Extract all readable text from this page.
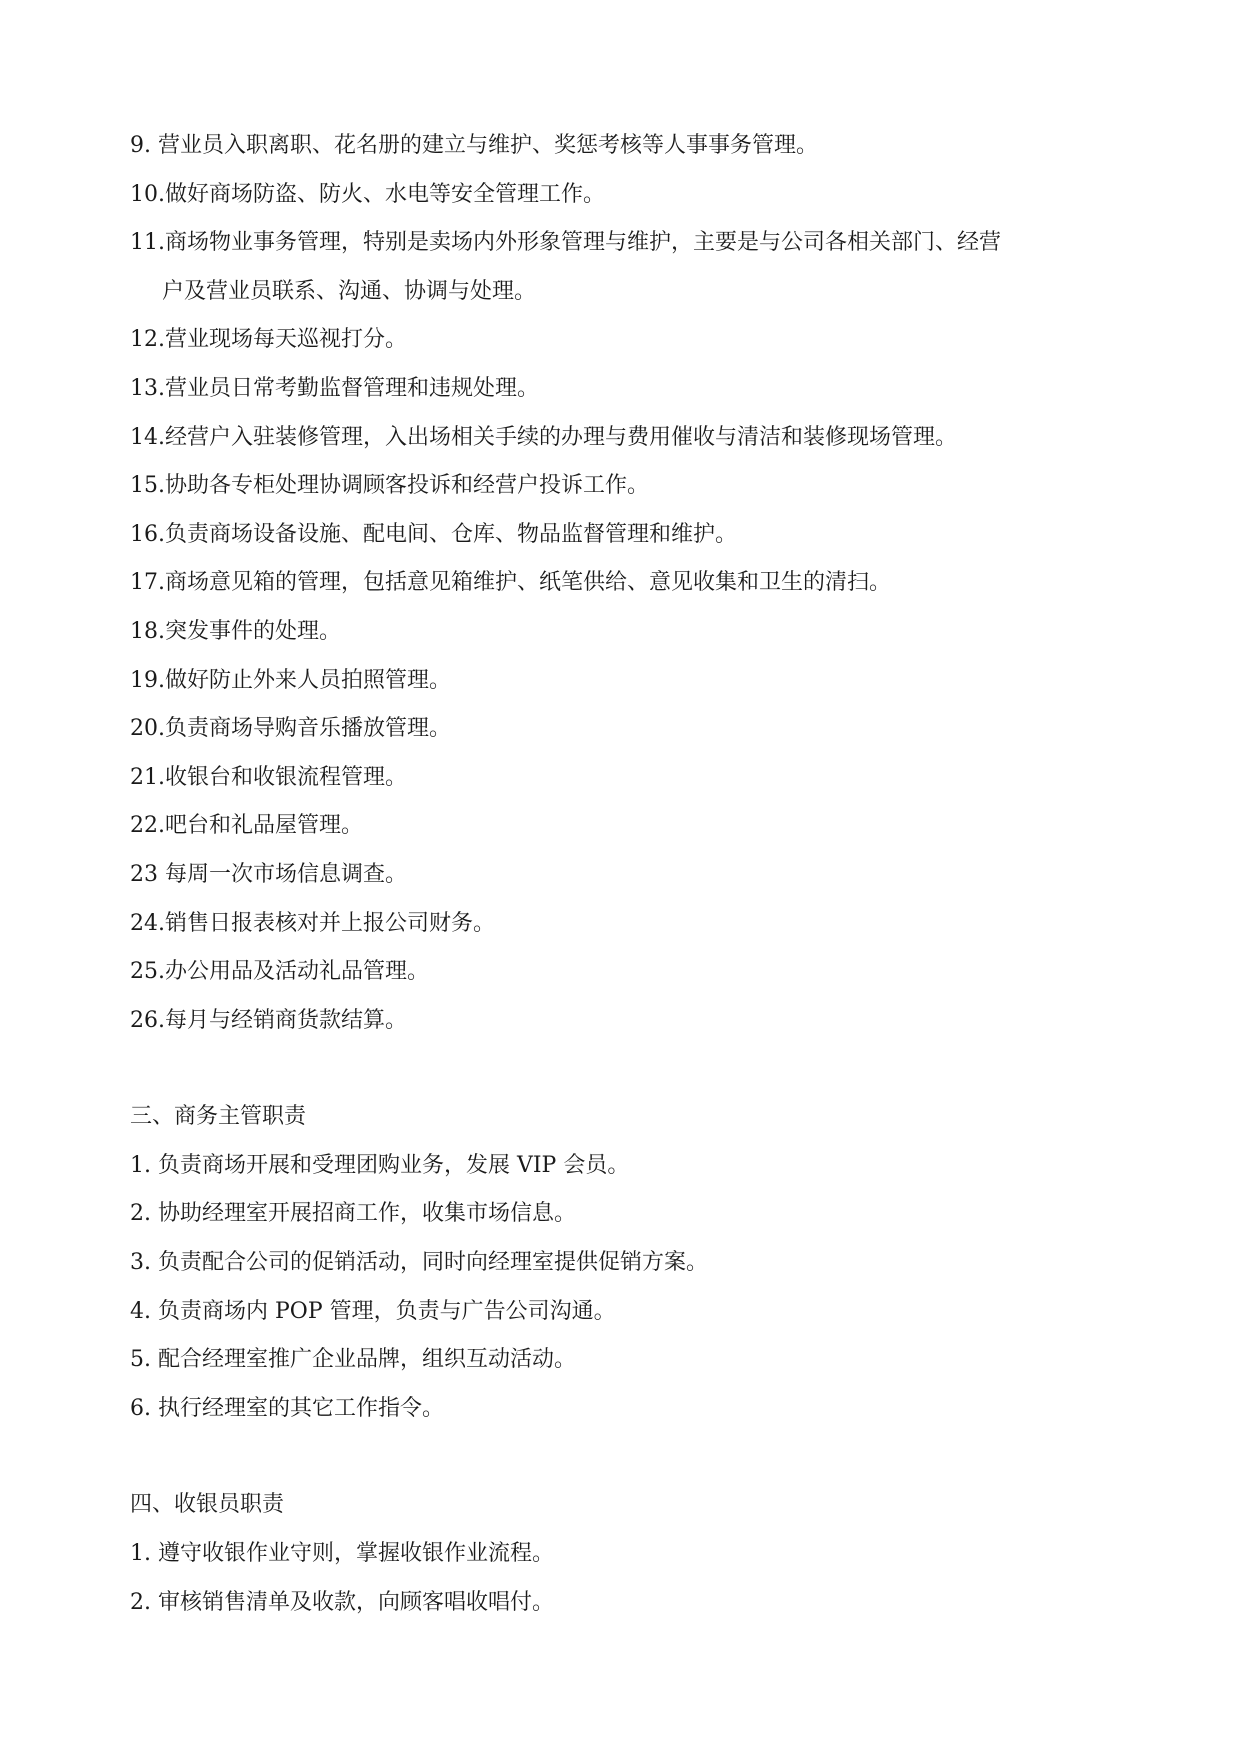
9. 营业员入职离职、花名册的建立与维护、奖惩考核等人事事务管理。
10.做好商场防盗、防火、水电等安全管理工作。
11.商场物业事务管理，特别是卖场内外形象管理与维护，主要是与公司各相关部门、经营
户及营业员联系、沟通、协调与处理。
12.营业现场每天巡视打分。
13.营业员日常考勤监督管理和违规处理。
14.经营户入驻装修管理，入出场相关手续的办理与费用催收与清洁和装修现场管理。
15.协助各专柜处理协调顾客投诉和经营户投诉工作。
16.负责商场设备设施、配电间、仓库、物品监督管理和维护。
17.商场意见箱的管理，包括意见箱维护、纸笔供给、意见收集和卫生的清扫。
18.突发事件的处理。
19.做好防止外来人员拍照管理。
20.负责商场导购音乐播放管理。
21.收银台和收银流程管理。
22.吧台和礼品屋管理。
23 每周一次市场信息调查。
24.销售日报表核对并上报公司财务。
25.办公用品及活动礼品管理。
26.每月与经销商货款结算。
三、商务主管职责
1. 负责商场开展和受理团购业务，发展 VIP 会员。
2. 协助经理室开展招商工作，收集市场信息。
3. 负责配合公司的促销活动，同时向经理室提供促销方案。
4. 负责商场内 POP 管理，负责与广告公司沟通。
5. 配合经理室推广企业品牌，组织互动活动。
6. 执行经理室的其它工作指令。
四、收银员职责
1. 遵守收银作业守则，掌握收银作业流程。
2. 审核销售清单及收款，向顾客唱收唱付。
